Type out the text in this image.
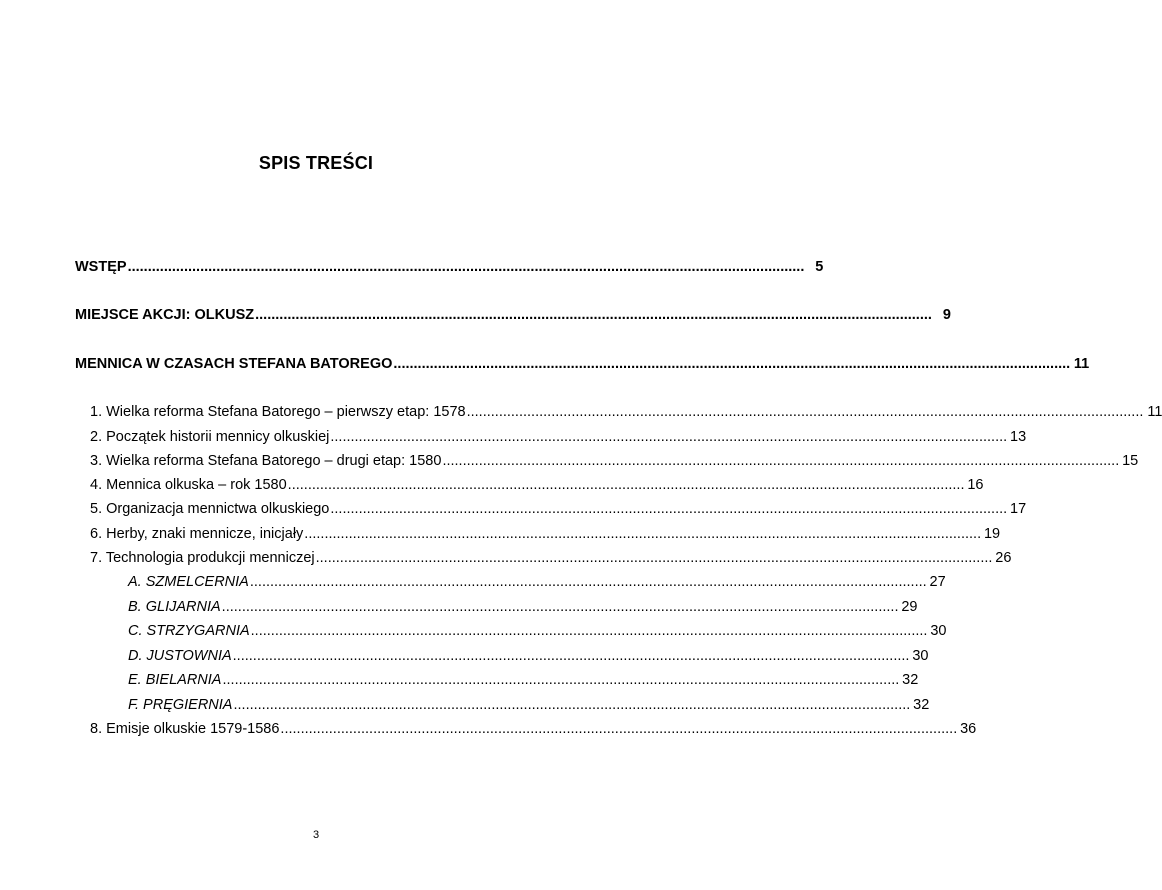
SPIS TREŚCI
WSTĘP ........................................................................................................................................................................ 5
MIEJSCE AKCJI: OLKUSZ ........................................................................................................................................................................ 9
MENNICA W CZASACH STEFANA BATOREGO ........................................................................................................................................................................ 11
1. Wielka reforma Stefana Batorego – pierwszy etap: 1578 ........................................................................................................................................................................ 11
2. Początek historii mennicy olkuskiej ........................................................................................................................................................................ 13
3. Wielka reforma Stefana Batorego – drugi etap: 1580 ........................................................................................................................................................................ 15
4. Mennica olkuska – rok 1580 ........................................................................................................................................................................ 16
5. Organizacja mennictwa olkuskiego ........................................................................................................................................................................ 17
6. Herby, znaki mennicze, inicjały ........................................................................................................................................................................ 19
7. Technologia produkcji menniczej ........................................................................................................................................................................ 26
A. SZMELCERNIA ........................................................................................................................................................................ 27
B. GLIJARNIA ........................................................................................................................................................................ 29
C. STRZYGARNIA ........................................................................................................................................................................ 30
D. JUSTOWNIA ........................................................................................................................................................................ 30
E. BIELARNIA ........................................................................................................................................................................ 32
F. PRĘGIERNIA ........................................................................................................................................................................ 32
8. Emisje olkuskie 1579-1586 ........................................................................................................................................................................ 36
3
